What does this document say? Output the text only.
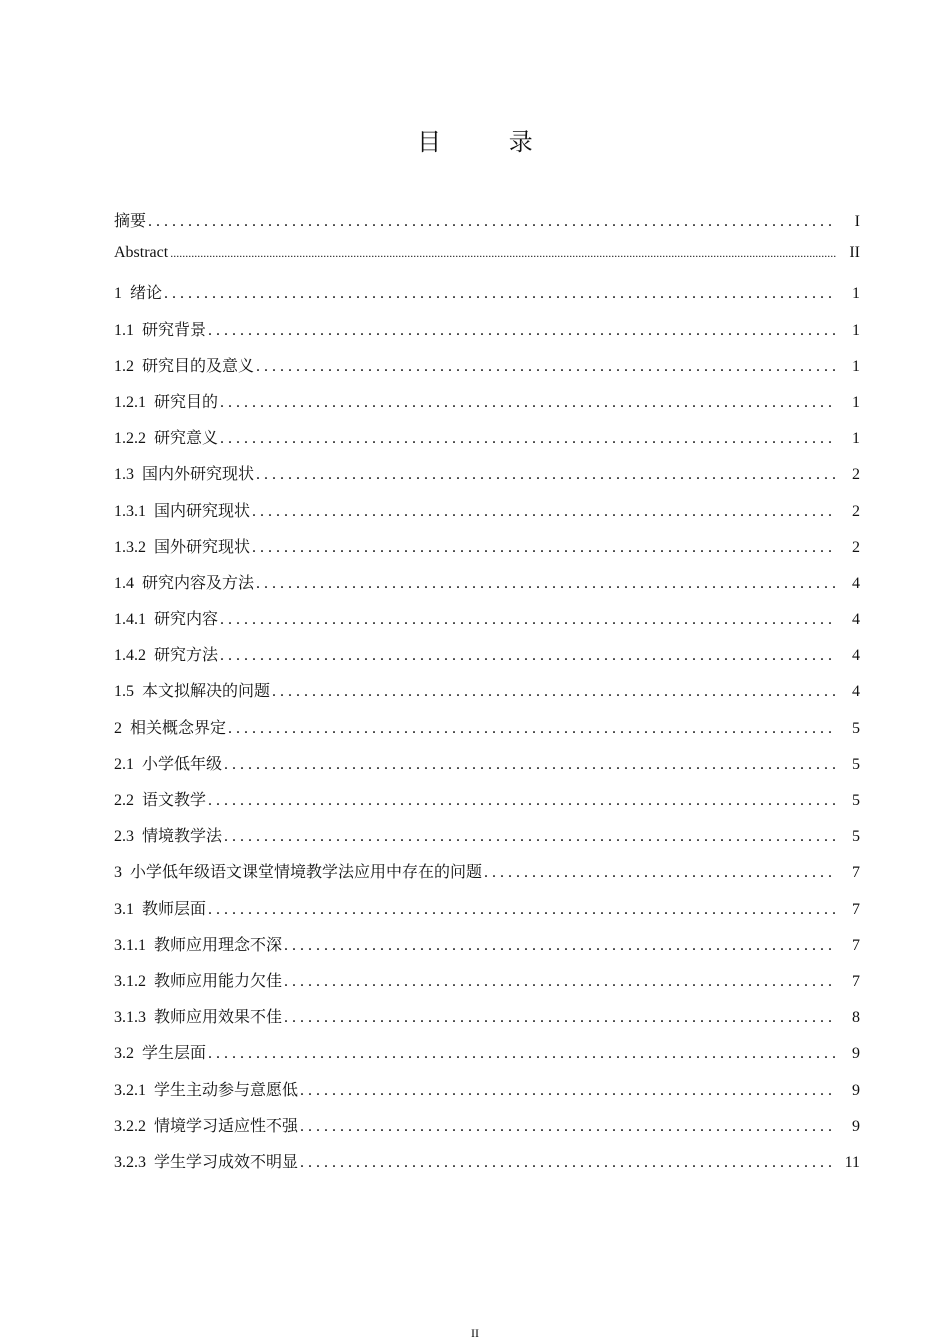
目 录
摘要 . . .	I
Abstract .....	II
1 绪论 . . .	1
1.1 研究背景 . . .	1
1.2 研究目的及意义 . . .	1
1.2.1 研究目的 . . .	1
1.2.2 研究意义 . . .	1
1.3 国内外研究现状 . . .	2
1.3.1 国内研究现状 . . .	2
1.3.2 国外研究现状 . . .	2
1.4 研究内容及方法 . . .	4
1.4.1 研究内容 . . .	4
1.4.2 研究方法 . . .	4
1.5 本文拟解决的问题 . . .	4
2 相关概念界定 . . .	5
2.1 小学低年级 . . .	5
2.2 语文教学 . . .	5
2.3 情境教学法 . . .	5
3 小学低年级语文课堂情境教学法应用中存在的问题 . . .	7
3.1 教师层面 . . .	7
3.1.1 教师应用理念不深 . . .	7
3.1.2 教师应用能力欠佳 . . .	7
3.1.3 教师应用效果不佳 . . .	8
3.2 学生层面 . . .	9
3.2.1 学生主动参与意愿低 . . .	9
3.2.2 情境学习适应性不强 . . .	9
3.2.3 学生学习成效不明显 . . .	11
II
